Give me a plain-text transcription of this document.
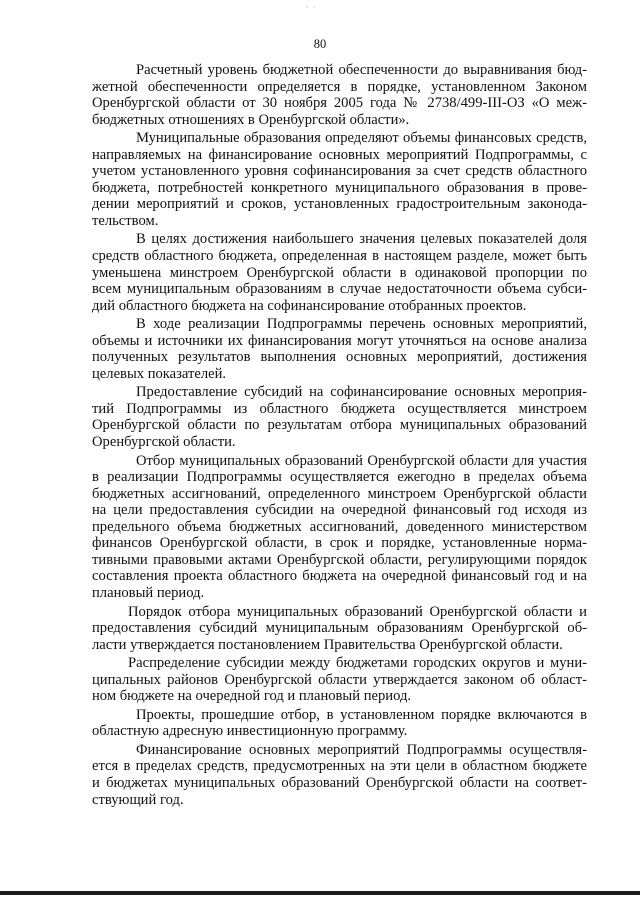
· ·
80
Расчетный уровень бюджетной обеспеченности до выравнивания бюд-
жетной обеспеченности определяется в порядке, установленном Законом
Оренбургской области от 30 ноября 2005 года № 2738/499-III-ОЗ «О меж-
бюджетных отношениях в Оренбургской области».
Муниципальные образования определяют объемы финансовых средств,
направляемых на финансирование основных мероприятий Подпрограммы, с
учетом установленного уровня софинансирования за счет средств областного
бюджета, потребностей конкретного муниципального образования в прове-
дении мероприятий и сроков, установленных градостроительным законода-
тельством.
В целях достижения наибольшего значения целевых показателей доля
средств областного бюджета, определенная в настоящем разделе, может быть
уменьшена минстроем Оренбургской области в одинаковой пропорции по
всем муниципальным образованиям в случае недостаточности объема субси-
дий областного бюджета на софинансирование отобранных проектов.
В ходе реализации Подпрограммы перечень основных мероприятий,
объемы и источники их финансирования могут уточняться на основе анализа
полученных результатов выполнения основных мероприятий, достижения
целевых показателей.
Предоставление субсидий на софинансирование основных мероприя-
тий Подпрограммы из областного бюджета осуществляется минстроем
Оренбургской области по результатам отбора муниципальных образований
Оренбургской области.
Отбор муниципальных образований Оренбургской области для участия
в реализации Подпрограммы осуществляется ежегодно в пределах объема
бюджетных ассигнований, определенного минстроем Оренбургской области
на цели предоставления субсидии на очередной финансовый год исходя из
предельного объема бюджетных ассигнований, доведенного министерством
финансов Оренбургской области, в срок и порядке, установленные норма-
тивными правовыми актами Оренбургской области, регулирующими порядок
составления проекта областного бюджета на очередной финансовый год и на
плановый период.
Порядок отбора муниципальных образований Оренбургской области и
предоставления субсидий муниципальным образованиям Оренбургской об-
ласти утверждается постановлением Правительства Оренбургской области.
Распределение субсидии между бюджетами городских округов и муни-
ципальных районов Оренбургской области утверждается законом об област-
ном бюджете на очередной год и плановый период.
Проекты, прошедшие отбор, в установленном порядке включаются в
областную адресную инвестиционную программу.
Финансирование основных мероприятий Подпрограммы осуществля-
ется в пределах средств, предусмотренных на эти цели в областном бюджете
и бюджетах муниципальных образований Оренбургской области на соответ-
ствующий год.
